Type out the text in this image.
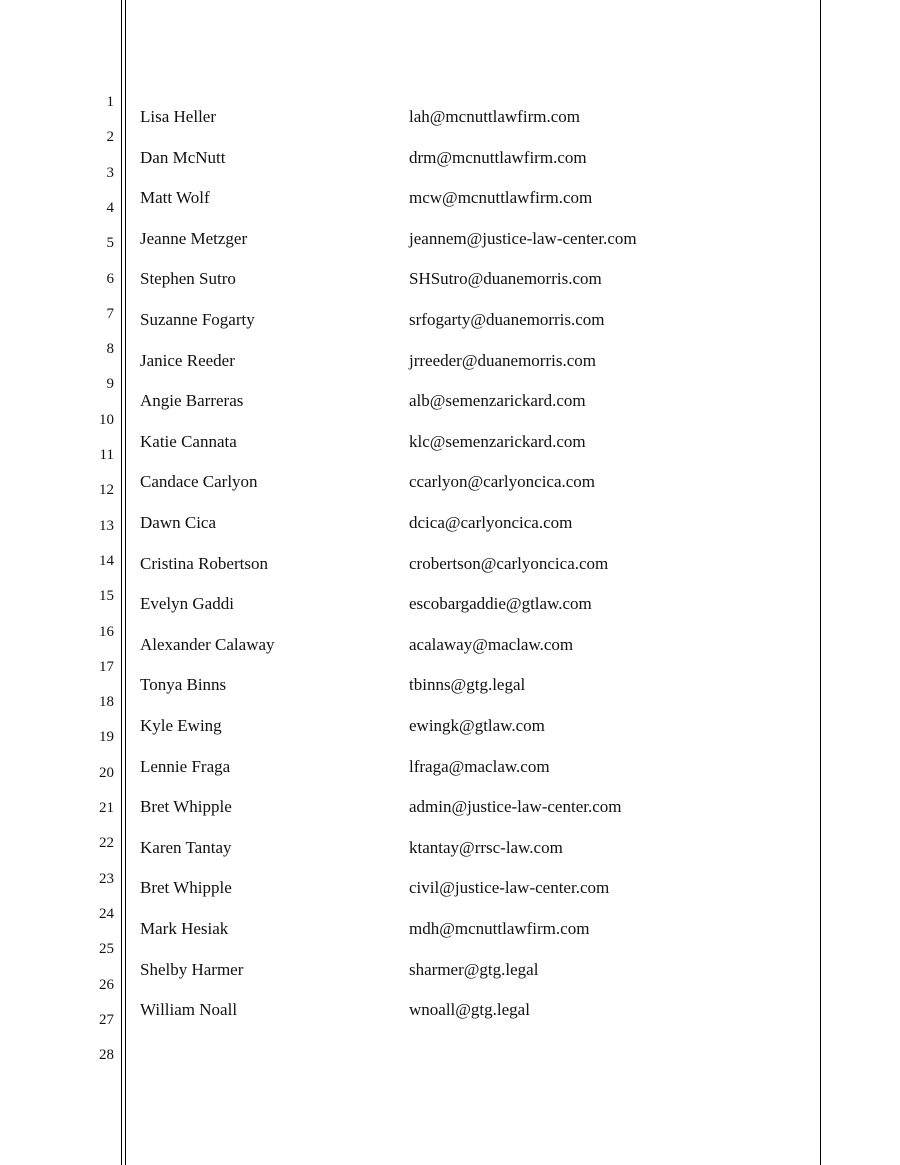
1
2
3
4
5
6
7
8
9
10
11
12
13
14
15
16
17
18
19
20
21
22
23
24
25
26
27
28
Lisa Heller	lah@mcnuttlawfirm.com
Dan McNutt	drm@mcnuttlawfirm.com
Matt Wolf	mcw@mcnuttlawfirm.com
Jeanne Metzger	jeannem@justice-law-center.com
Stephen Sutro	SHSutro@duanemorris.com
Suzanne Fogarty	srfogarty@duanemorris.com
Janice Reeder	jrreeder@duanemorris.com
Angie Barreras	alb@semenzarickard.com
Katie Cannata	klc@semenzarickard.com
Candace Carlyon	ccarlyon@carlyoncica.com
Dawn Cica	dcica@carlyoncica.com
Cristina Robertson	crobertson@carlyoncica.com
Evelyn Gaddi	escobargaddie@gtlaw.com
Alexander Calaway	acalaway@maclaw.com
Tonya Binns	tbinns@gtg.legal
Kyle Ewing	ewingk@gtlaw.com
Lennie Fraga	lfraga@maclaw.com
Bret Whipple	admin@justice-law-center.com
Karen Tantay	ktantay@rrsc-law.com
Bret Whipple	civil@justice-law-center.com
Mark Hesiak	mdh@mcnuttlawfirm.com
Shelby Harmer	sharmer@gtg.legal
William Noall	wnoall@gtg.legal
